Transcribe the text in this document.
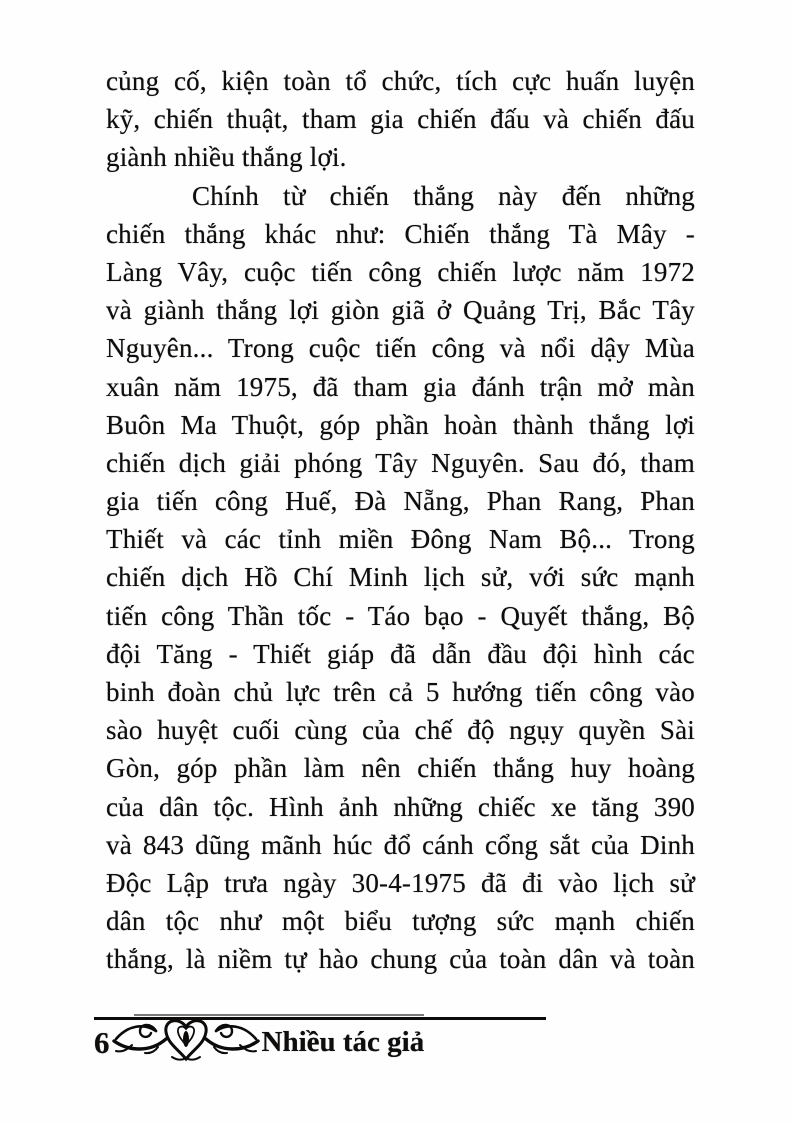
củng cố, kiện toàn tổ chức, tích cực huấn luyện
kỹ, chiến thuật, tham gia chiến đấu và chiến đấu
giành nhiều thắng lợi.
Chính từ chiến thắng này đến những
chiến thắng khác như: Chiến thắng Tà Mây -
Làng Vây, cuộc tiến công chiến lược năm 1972
và giành thắng lợi giòn giã ở Quảng Trị, Bắc Tây
Nguyên... Trong cuộc tiến công và nổi dậy Mùa
xuân năm 1975, đã tham gia đánh trận mở màn
Buôn Ma Thuột, góp phần hoàn thành thắng lợi
chiến dịch giải phóng Tây Nguyên. Sau đó, tham
gia tiến công Huế, Đà Nẵng, Phan Rang, Phan
Thiết và các tỉnh miền Đông Nam Bộ... Trong
chiến dịch Hồ Chí Minh lịch sử, với sức mạnh
tiến công Thần tốc - Táo bạo - Quyết thắng, Bộ
đội Tăng - Thiết giáp đã dẫn đầu đội hình các
binh đoàn chủ lực trên cả 5 hướng tiến công vào
sào huyệt cuối cùng của chế độ ngụy quyền Sài
Gòn, góp phần làm nên chiến thắng huy hoàng
của dân tộc. Hình ảnh những chiếc xe tăng 390
và 843 dũng mãnh húc đổ cánh cổng sắt của Dinh
Độc Lập trưa ngày 30-4-1975 đã đi vào lịch sử
dân tộc như một biểu tượng sức mạnh chiến
thắng, là niềm tự hào chung của toàn dân và toàn
6	Nhiều tác giả
